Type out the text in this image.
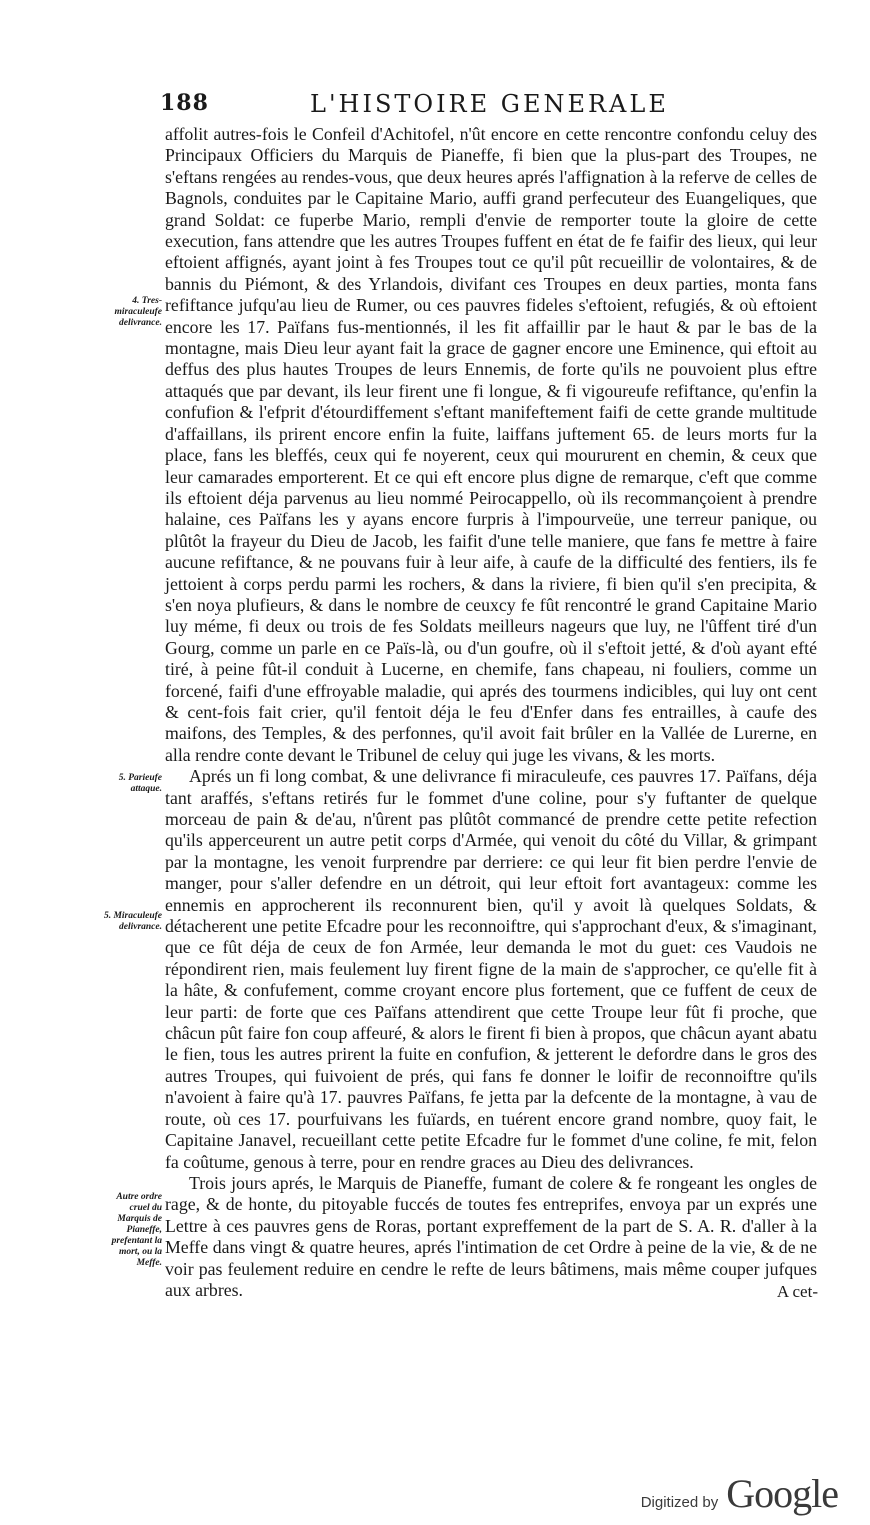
188	L'HISTOIRE GENERALE

affolit autres-fois le Confeil d'Achitofel, n'ût encore en cette rencontre confondu celuy des Principaux Officiers du Marquis de Pianeffe, fi bien que la plus-part des Troupes, ne s'eftans rengées au rendes-vous, que deux heures aprés l'affignation à la referve de celles de Bagnols, conduites par le Capitaine Mario, auffi grand perfecuteur des Euangeliques, que grand Soldat: ce fuperbe Mario, rempli d'envie de remporter toute la gloire de cette execution, fans attendre que les autres Troupes fuffent en état de fe faifir des lieux, qui leur eftoient affignés, ayant joint à fes Troupes tout ce qu'il pût recueillir de volontaires, & de bannis du Piémont, & des Yrlandois, divifant ces Troupes en deux parties, monta fans refiftance jufqu'au lieu de Rumer, ou ces pauvres fideles s'eftoient, refugiés, & où eftoient encore les 17. Païfans fus-mentionnés, il les fit affaillir par le haut & par le bas de la montagne, mais Dieu leur ayant fait la grace de gagner encore une Eminence, qui eftoit au deffus des plus hautes Troupes de leurs Ennemis, de forte qu'ils ne pouvoient plus eftre attaqués que par devant, ils leur firent une fi longue, & fi vigoureufe refiftance, qu'enfin la confufion & l'efprit d'étourdiffement s'eftant manifeftement faifi de cette grande multitude d'affaillans, ils prirent encore enfin la fuite, laiffans juftement 65. de leurs morts fur la place, fans les bleffés, ceux qui fe noyerent, ceux qui moururent en chemin, & ceux que leur camarades emporterent. Et ce qui eft encore plus digne de remarque, c'eft que comme ils eftoient déja parvenus au lieu nommé Peirocappello, où ils recommançoient à prendre halaine, ces Païfans les y ayans encore furpris à l'impourveüe, une terreur panique, ou plûtôt la frayeur du Dieu de Jacob, les faifit d'une telle maniere, que fans fe mettre à faire aucune refiftance, & ne pouvans fuir à leur aife, à caufe de la difficulté des fentiers, ils fe jettoient à corps perdu parmi les rochers, & dans la riviere, fi bien qu'il s'en precipita, & s'en noya plufieurs, & dans le nombre de ceuxcy fe fût rencontré le grand Capitaine Mario luy méme, fi deux ou trois de fes Soldats meilleurs nageurs que luy, ne l'ûffent tiré d'un Gourg, comme un parle en ce Païs-là, ou d'un goufre, où il s'eftoit jetté, & d'où ayant efté tiré, à peine fût-il conduit à Lucerne, en chemife, fans chapeau, ni fouliers, comme un forcené, faifi d'une effroyable maladie, qui aprés des tourmens indicibles, qui luy ont cent & cent-fois fait crier, qu'il fentoit déja le feu d'Enfer dans fes entrailles, à caufe des maifons, des Temples, & des perfonnes, qu'il avoit fait brûler en la Vallée de Lurerne, en alla rendre conte devant le Tribunel de celuy qui juge les vivans, & les morts.

Aprés un fi long combat, & une delivrance fi miraculeufe, ces pauvres 17. Païfans, déja tant araffés, s'eftans retirés fur le fommet d'une coline, pour s'y fuftanter de quelque morceau de pain & de'au, n'ûrent pas plûtôt commancé de prendre cette petite refection qu'ils apperceurent un autre petit corps d'Armée, qui venoit du côté du Villar, & grimpant par la montagne, les venoit furprendre par derriere: ce qui leur fit bien perdre l'envie de manger, pour s'aller defendre en un détroit, qui leur eftoit fort avantageux: comme les ennemis en approcherent ils reconnurent bien, qu'il y avoit là quelques Soldats, & détacherent une petite Efcadre pour les reconnoiftre, qui s'approchant d'eux, & s'imaginant, que ce fût déja de ceux de fon Armée, leur demanda le mot du guet: ces Vaudois ne répondirent rien, mais feulement luy firent figne de la main de s'approcher, ce qu'elle fit à la hâte, & confufement, comme croyant encore plus fortement, que ce fuffent de ceux de leur parti: de forte que ces Païfans attendirent que cette Troupe leur fût fi proche, que châcun pût faire fon coup affeuré, & alors le firent fi bien à propos, que châcun ayant abatu le fien, tous les autres prirent la fuite en confufion, & jetterent le defordre dans le gros des autres Troupes, qui fuivoient de prés, qui fans fe donner le loifir de reconnoiftre qu'ils n'avoient à faire qu'à 17. pauvres Païfans, fe jetta par la defcente de la montagne, à vau de route, où ces 17. pourfuivans les fuïards, en tuérent encore grand nombre, quoy fait, le Capitaine Janavel, recueillant cette petite Efcadre fur le fommet d'une coline, fe mit, felon fa coûtume, genous à terre, pour en rendre graces au Dieu des delivrances.

Trois jours aprés, le Marquis de Pianeffe, fumant de colere & fe rongeant les ongles de rage, & de honte, du pitoyable fuccés de toutes fes entreprifes, envoya par un exprés une Lettre à ces pauvres gens de Roras, portant expreffement de la part de S. A. R. d'aller à la Meffe dans vingt & quatre heures, aprés l'intimation de cet Ordre à peine de la vie, & de ne voir pas feulement reduire en cendre le refte de leurs bâtimens, mais même couper jufques aux arbres.

4. Tres-miraculeufe delivrance.
5. Parieufe attaque.
5. Miraculeufe delivrance.
Autre ordre cruel du Marquis de Pianeffe, prefentant la mort, ou la Meffe.
A cet-
Digitized by Google
